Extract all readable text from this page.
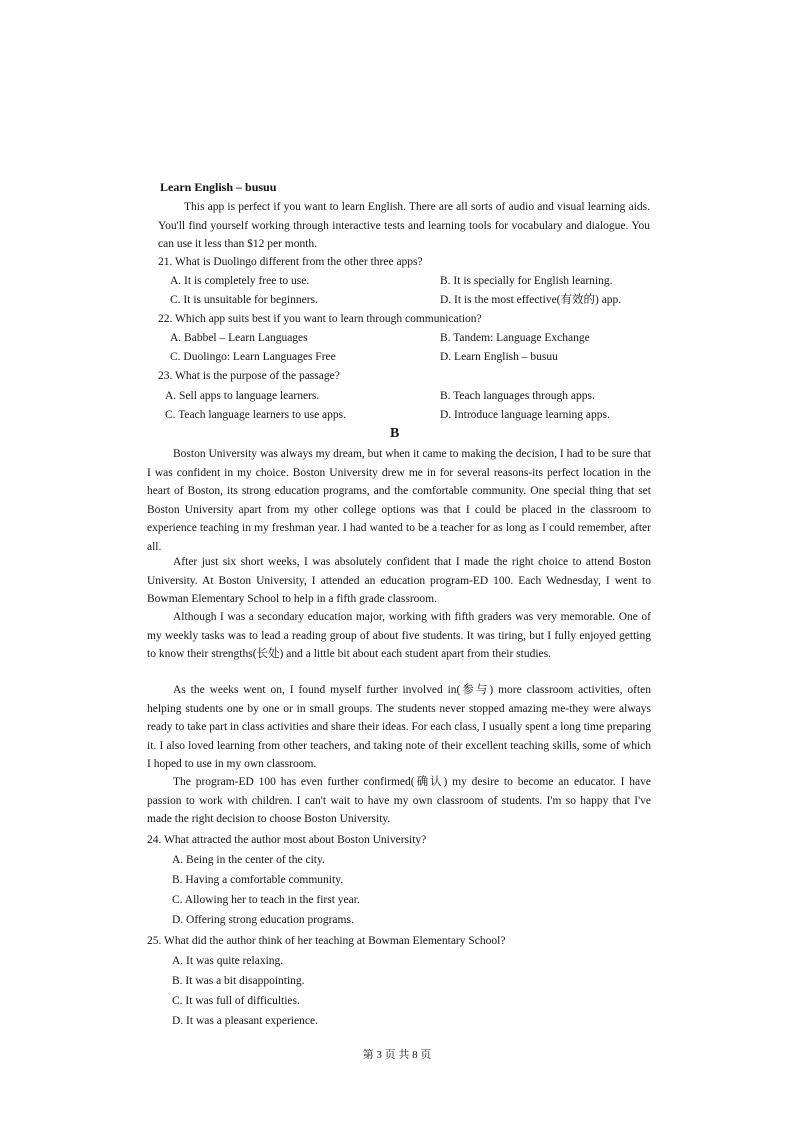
Learn English – busuu

This app is perfect if you want to learn English. There are all sorts of audio and visual learning aids. You'll find yourself working through interactive tests and learning tools for vocabulary and dialogue. You can use it less than $12 per month.

21. What is Duolingo different from the other three apps?
A. It is completely free to use.	B. It is specially for English learning.
C. It is unsuitable for beginners.	D. It is the most effective(有效的) app.
22. Which app suits best if you want to learn through communication?
A. Babbel – Learn Languages	B. Tandem: Language Exchange
C. Duolingo: Learn Languages Free	D. Learn English – busuu
23. What is the purpose of the passage?
A. Sell apps to language learners.	B. Teach languages through apps.
C. Teach language learners to use apps.	D. Introduce language learning apps.
B

Boston University was always my dream, but when it came to making the decision, I had to be sure that I was confident in my choice. Boston University drew me in for several reasons-its perfect location in the heart of Boston, its strong education programs, and the comfortable community. One special thing that set Boston University apart from my other college options was that I could be placed in the classroom to experience teaching in my freshman year. I had wanted to be a teacher for as long as I could remember, after all.

After just six short weeks, I was absolutely confident that I made the right choice to attend Boston University. At Boston University, I attended an education program-ED 100. Each Wednesday, I went to Bowman Elementary School to help in a fifth grade classroom.

Although I was a secondary education major, working with fifth graders was very memorable. One of my weekly tasks was to lead a reading group of about five students. It was tiring, but I fully enjoyed getting to know their strengths(长处) and a little bit about each student apart from their studies.

As the weeks went on, I found myself further involved in(参与) more classroom activities, often helping students one by one or in small groups. The students never stopped amazing me-they were always ready to take part in class activities and share their ideas. For each class, I usually spent a long time preparing it. I also loved learning from other teachers, and taking note of their excellent teaching skills, some of which I hoped to use in my own classroom.

The program-ED 100 has even further confirmed(确认) my desire to become an educator. I have passion to work with children. I can't wait to have my own classroom of students. I'm so happy that I've made the right decision to choose Boston University.

24. What attracted the author most about Boston University?
A. Being in the center of the city.
B. Having a comfortable community.
C. Allowing her to teach in the first year.
D. Offering strong education programs.
25. What did the author think of her teaching at Bowman Elementary School?
A. It was quite relaxing.
B. It was a bit disappointing.
C. It was full of difficulties.
D. It was a pleasant experience.
第 3 页 共 8 页
